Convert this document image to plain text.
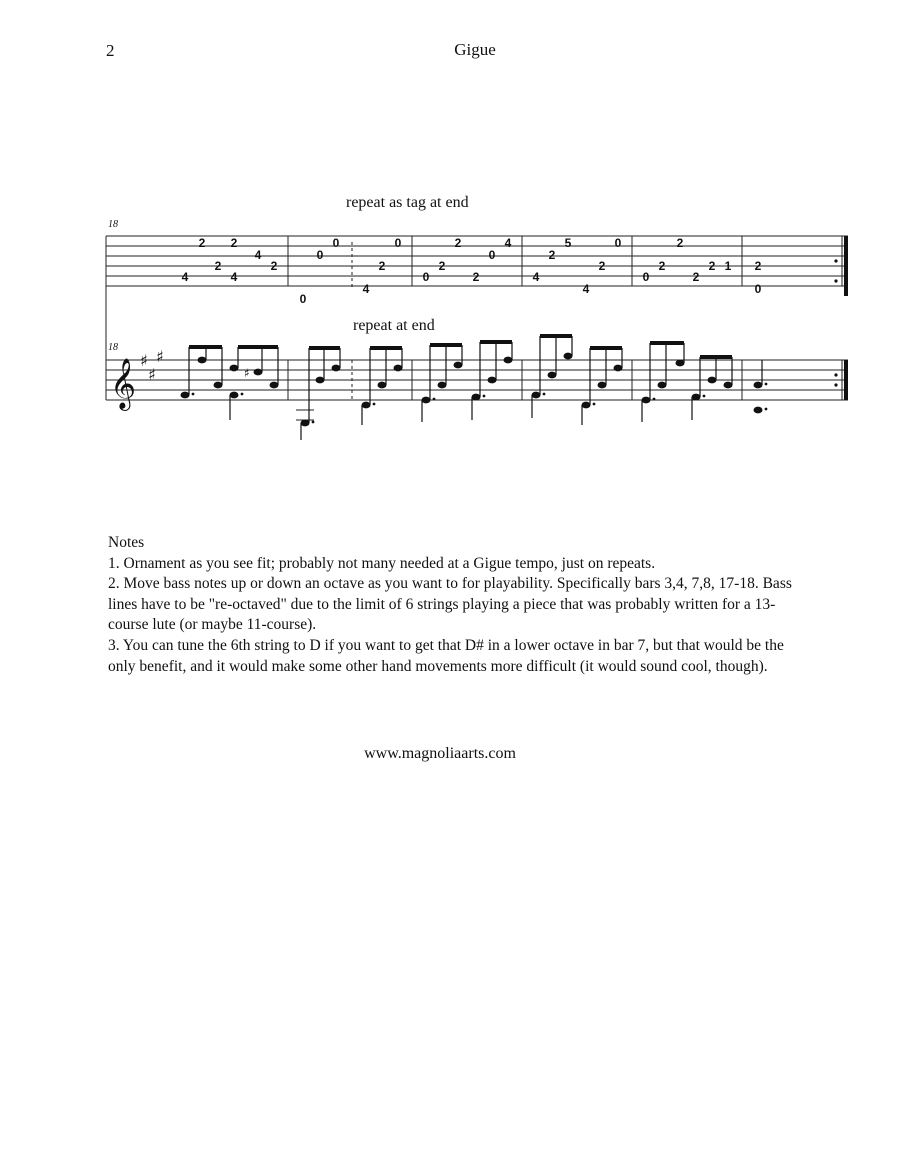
2	Gigue
repeat as tag at end
18
repeat at end
18
4
2
2
4
2
4
2
0
0
0
4
2
0
0
2
2
2
0
4
4
2
5
4
2
0
0
2
2
2
2 1 2
0
𝄞 ♯
♯
♯
♯

Notes

1. Ornament as you see fit; probably not many needed at a Gigue tempo, just on repeats.

2. Move bass notes up or down an octave as you want to for playability. Specifically bars 3,4, 7,8, 17-18. Bass lines have to be "re-octaved" due to the limit of 6 strings playing a piece that was probably written for a 13-course lute (or maybe 11-course).

3. You can tune the 6th string to D if you want to get that D# in a lower octave in bar 7, but that would be the only benefit, and it would make some other hand movements more difficult (it would sound cool, though).

www.magnoliaarts.com
